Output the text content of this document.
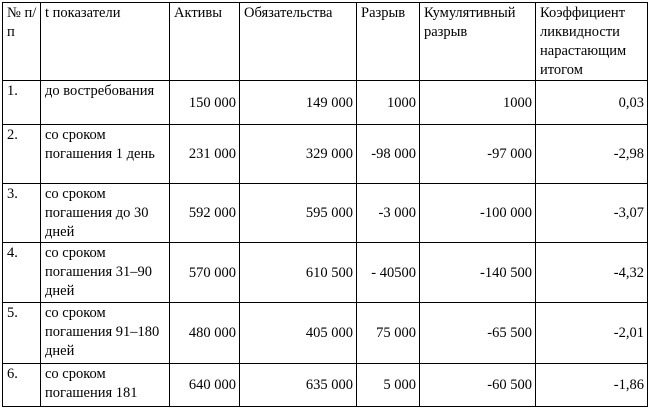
№ п/п	t показатели	Активы	Обязательства	Разрыв	Кумулятивный разрыв	Коэффициент ликвидности нарастающим итогом
1.	до востребования	150 000	149 000	1000	1000	0,03
2.	со сроком погашения 1 день	231 000	329 000	-98 000	-97 000	-2,98
3.	со сроком погашения до 30 дней	592 000	595 000	-3 000	-100 000	-3,07
4.	со сроком погашения 31–90 дней	570 000	610 500	- 40500	-140 500	-4,32
5.	со сроком погашения 91–180 дней	480 000	405 000	75 000	-65 500	-2,01
6.	со сроком погашения 181	640 000	635 000	5 000	-60 500	-1,86
